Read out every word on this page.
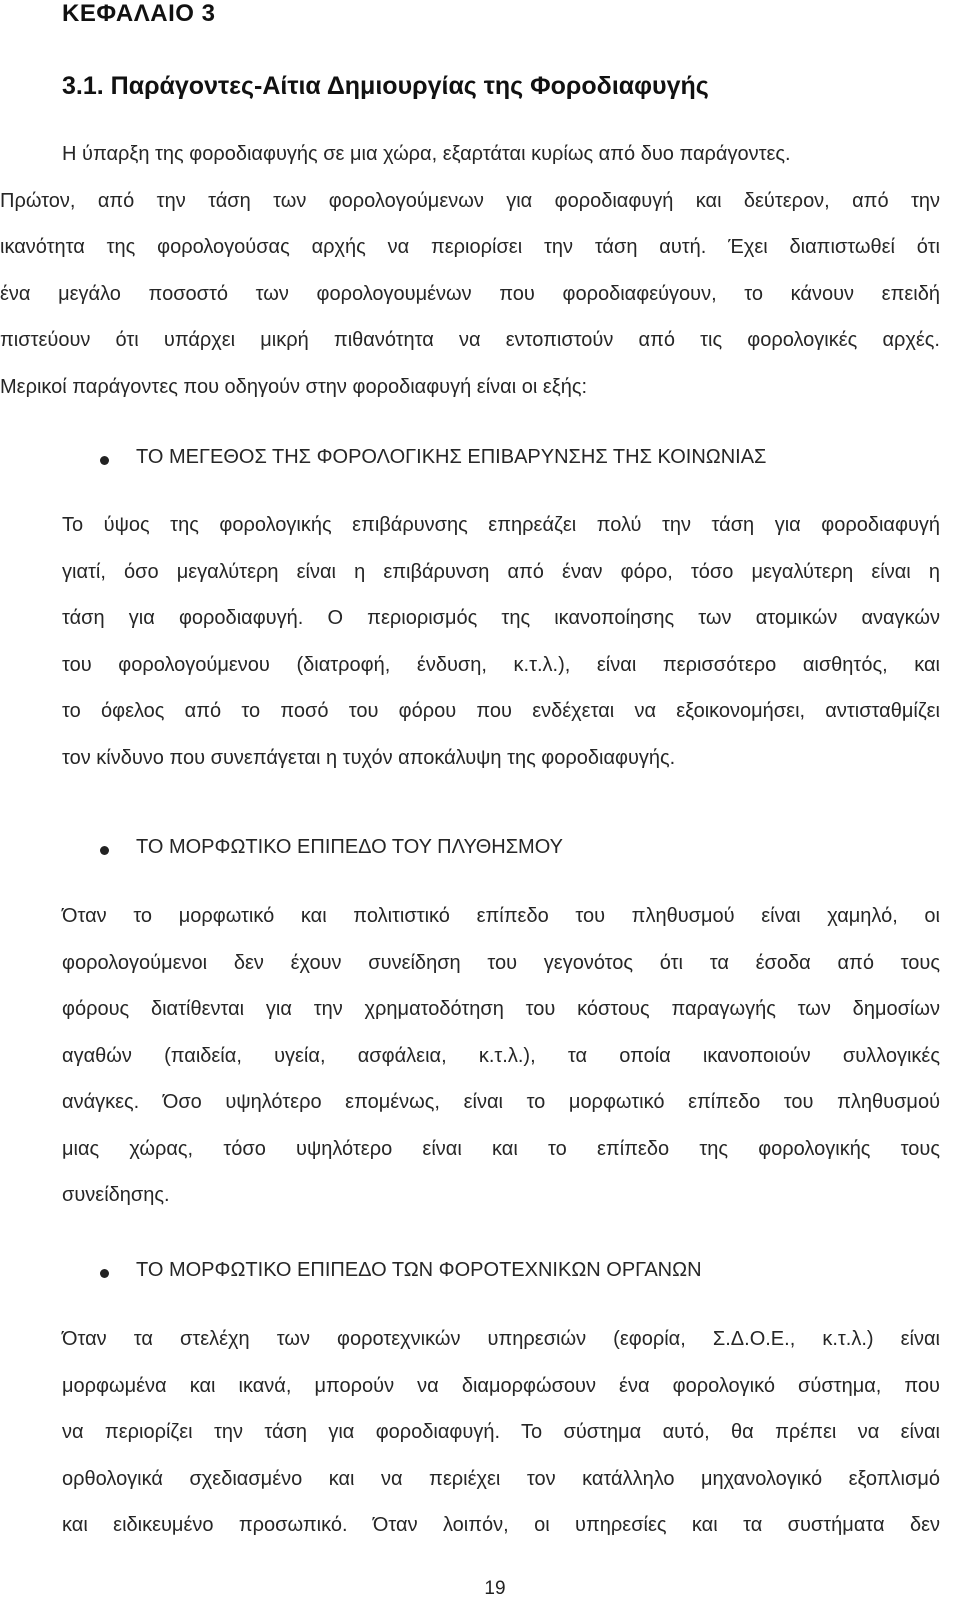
ΚΕΦΑΛΑΙΟ 3
3.1. Παράγοντες-Αίτια Δημιουργίας της Φοροδιαφυγής
Η ύπαρξη της φοροδιαφυγής σε μια χώρα, εξαρτάται κυρίως από δυο παράγοντες.
Πρώτον, από την τάση των φορολογούμενων για φοροδιαφυγή και δεύτερον, από την
ικανότητα της φορολογούσας αρχής να περιορίσει την τάση αυτή. Έχει διαπιστωθεί ότι
ένα μεγάλο ποσοστό των φορολογουμένων που φοροδιαφεύγουν, το κάνουν επειδή
πιστεύουν ότι υπάρχει μικρή πιθανότητα να εντοπιστούν από τις φορολογικές αρχές.
Μερικοί παράγοντες που οδηγούν στην φοροδιαφυγή είναι οι εξής:
ΤΟ ΜΕΓΕΘΟΣ ΤΗΣ ΦΟΡΟΛΟΓΙΚΗΣ ΕΠΙΒΑΡΥΝΣΗΣ ΤΗΣ ΚΟΙΝΩΝΙΑΣ
Το ύψος της φορολογικής επιβάρυνσης επηρεάζει πολύ την τάση για φοροδιαφυγή
γιατί, όσο μεγαλύτερη είναι η επιβάρυνση από έναν φόρο, τόσο μεγαλύτερη είναι η
τάση για φοροδιαφυγή. Ο περιορισμός της ικανοποίησης των ατομικών αναγκών
του φορολογούμενου (διατροφή, ένδυση, κ.τ.λ.), είναι περισσότερο αισθητός, και
το όφελος από το ποσό του φόρου που ενδέχεται να εξοικονομήσει, αντισταθμίζει
τον κίνδυνο που συνεπάγεται η τυχόν αποκάλυψη της φοροδιαφυγής.
ΤΟ ΜΟΡΦΩΤΙΚΟ ΕΠΙΠΕΔΟ ΤΟΥ ΠΛΥΘΗΣΜΟΥ
Όταν το μορφωτικό και πολιτιστικό επίπεδο του πληθυσμού είναι χαμηλό, οι
φορολογούμενοι δεν έχουν συνείδηση του γεγονότος ότι τα έσοδα από τους
φόρους διατίθενται για την χρηματοδότηση του κόστους παραγωγής των δημοσίων
αγαθών (παιδεία, υγεία, ασφάλεια, κ.τ.λ.), τα οποία ικανοποιούν συλλογικές
ανάγκες. Όσο υψηλότερο επομένως, είναι το μορφωτικό επίπεδο του πληθυσμού
μιας χώρας, τόσο υψηλότερο είναι και το επίπεδο της φορολογικής τους
συνείδησης.
ΤΟ ΜΟΡΦΩΤΙΚΟ ΕΠΙΠΕΔΟ ΤΩΝ ΦΟΡΟΤΕΧΝΙΚΩΝ ΟΡΓΑΝΩΝ
Όταν τα στελέχη των φοροτεχνικών υπηρεσιών (εφορία, Σ.Δ.Ο.Ε., κ.τ.λ.) είναι
μορφωμένα και ικανά, μπορούν να διαμορφώσουν ένα φορολογικό σύστημα, που
να περιορίζει την τάση για φοροδιαφυγή. Το σύστημα αυτό, θα πρέπει να είναι
ορθολογικά σχεδιασμένο και να περιέχει τον κατάλληλο μηχανολογικό εξοπλισμό
και ειδικευμένο προσωπικό. Όταν λοιπόν, οι υπηρεσίες και τα συστήματα δεν
19
